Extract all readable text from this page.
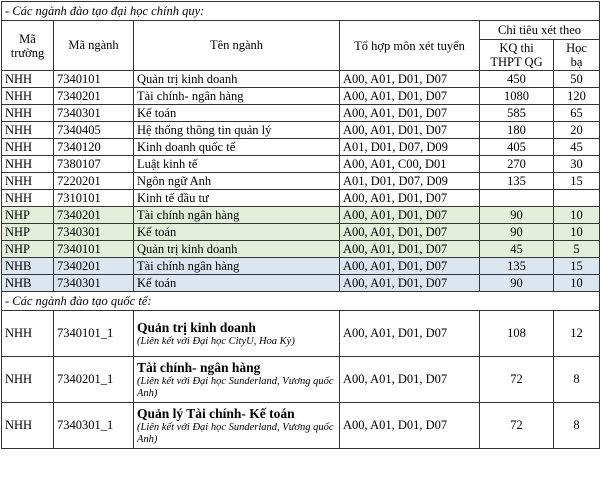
- Các ngành đào tạo đại học chính quy:					
Mã trường	Mã ngành	Tên ngành	Tổ hợp môn xét tuyển	Chỉ tiêu xét theo	
				KQ thi THPT QG	Học bạ
NHH	7340101	Quản trị kinh doanh	A00, A01, D01, D07	450	50
NHH	7340201	Tài chính- ngân hàng	A00, A01, D01, D07	1080	120
NHH	7340301	Kế toán	A00, A01, D01, D07	585	65
NHH	7340405	Hệ thống thông tin quản lý	A00, A01, D01, D07	180	20
NHH	7340120	Kinh doanh quốc tế	A01, D01, D07, D09	405	45
NHH	7380107	Luật kinh tế	A00, A01, C00, D01	270	30
NHH	7220201	Ngôn ngữ Anh	A01, D01, D07, D09	135	15
NHH	7310101	Kinh tế đầu tư	A00, A01, D01, D07		
NHP	7340201	Tài chính ngân hàng	A00, A01, D01, D07	90	10
NHP	7340301	Kế toán	A00, A01, D01, D07	90	10
NHP	7340101	Quản trị kinh doanh	A00, A01, D01, D07	45	5
NHB	7340201	Tài chính ngân hàng	A00, A01, D01, D07	135	15
NHB	7340301	Kế toán	A00, A01, D01, D07	90	10
- Các ngành đào tạo quốc tế:					
NHH	7340101_1	Quản trị kinh doanh
(Liên kết với Đại học CityU, Hoa Kỳ)	A00, A01, D01, D07	108	12
NHH	7340201_1	Tài chính- ngân hàng
(Liên kết với Đại học Sunderland, Vương quốc Anh)	A00, A01, D01, D07	72	8
NHH	7340301_1	Quản lý Tài chính- Kế toán
(Liên kết với Đại học Sunderland, Vương quốc Anh)	A00, A01, D01, D07	72	8
